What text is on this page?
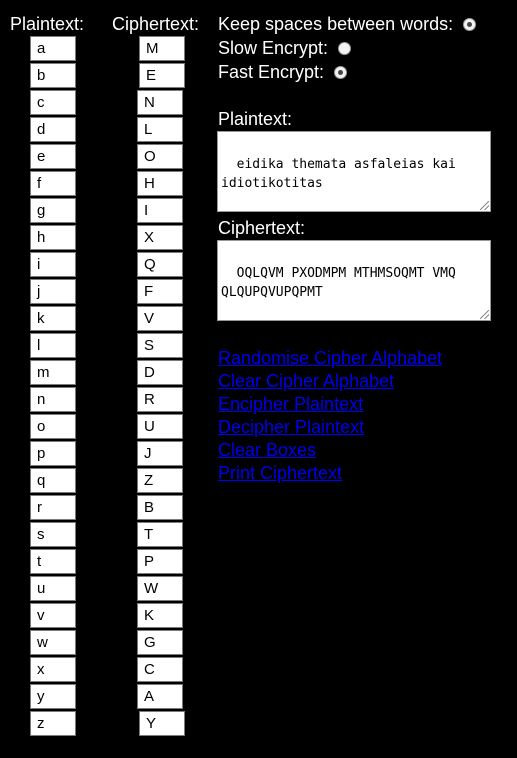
Plaintext: Ciphertext:
a
b
c
d
e
f
g
h
i
j
k
l
m
n
o
p
q
r
s
t
u
v
w
x
y
z
M
E
N
L
O
H
I
X
Q
F
V
S
D
R
U
J
Z
B
T
P
W
K
G
C
A
Y
Keep spaces between words:
Slow Encrypt:
Fast Encrypt:
Plaintext:

eidika themata asfaleias kai idiotikotitas

Ciphertext:

OQLQVM PXODMPM MTHMSOQMT VMQ QLQUPQVUPQPMT

Randomise Cipher Alphabet
Clear Cipher Alphabet
Encipher Plaintext
Decipher Plaintext
Clear Boxes
Print Ciphertext
